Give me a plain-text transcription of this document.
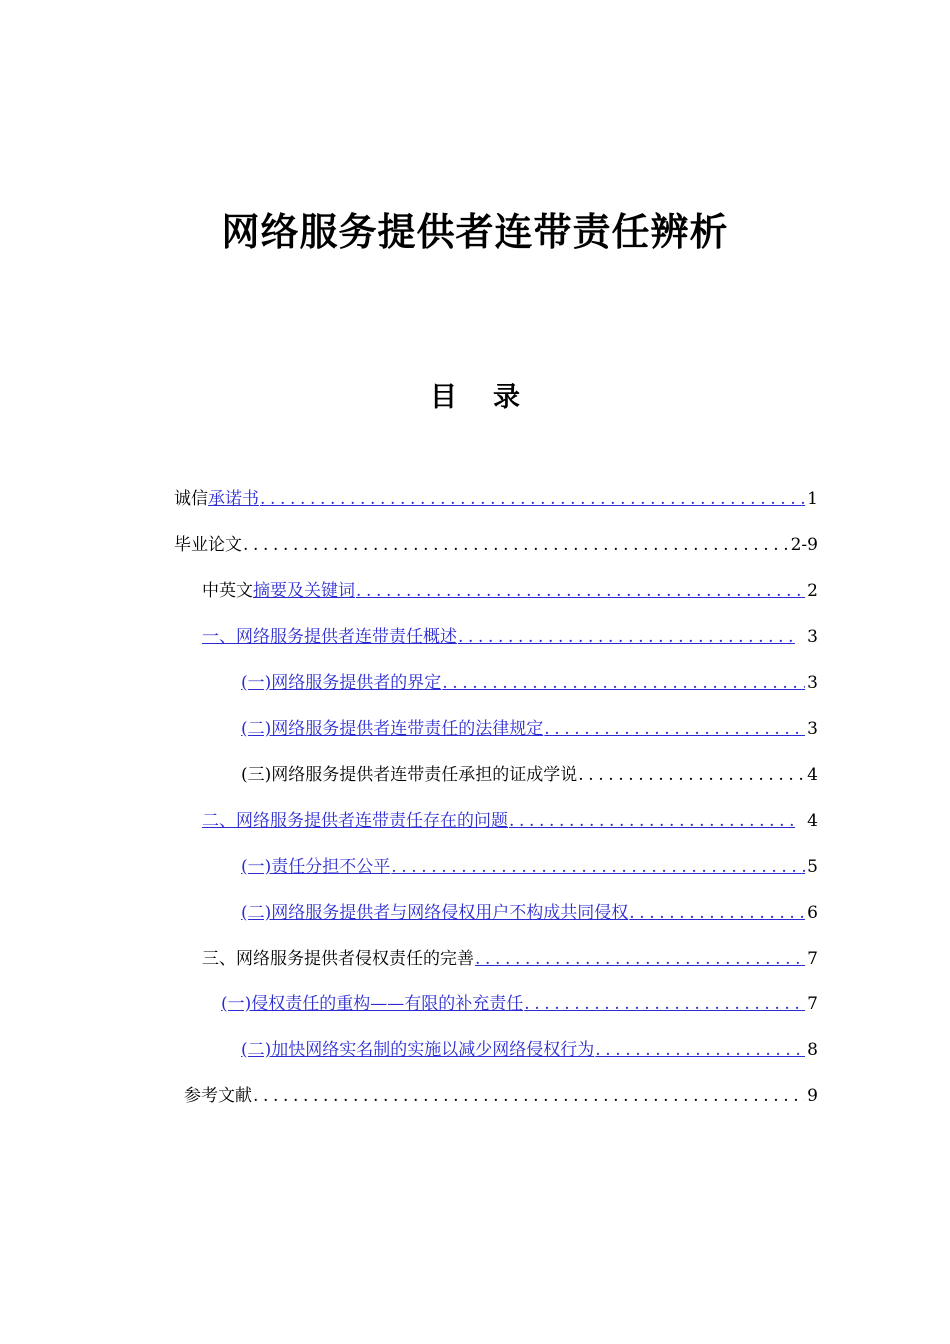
网络服务提供者连带责任辨析
目 录
诚信 承诺书 .....	1
毕业论文 .....	2-9
中英文 摘要及关键词 .....	2
一、网络服务提供者连带责任概述 .....	3
(一)网络服务提供者的界定 .....	3
(二)网络服务提供者连带责任的法律规定 .....	3
(三)网络服务提供者连带责任承担的证成学说 .....	4
二、网络服务提供者连带责任存在的问题 .....	4
(一)责任分担不公平 .....	5
(二)网络服务提供者与网络侵权用户不构成共同侵权 .....	6
三、网络服务提供者侵权责任的完善 .....	7
(一)侵权责任的重构——有限的补充责任 .....	7
(二)加快网络实名制的实施以减少网络侵权行为 .....	8
参考文献 .....	9
